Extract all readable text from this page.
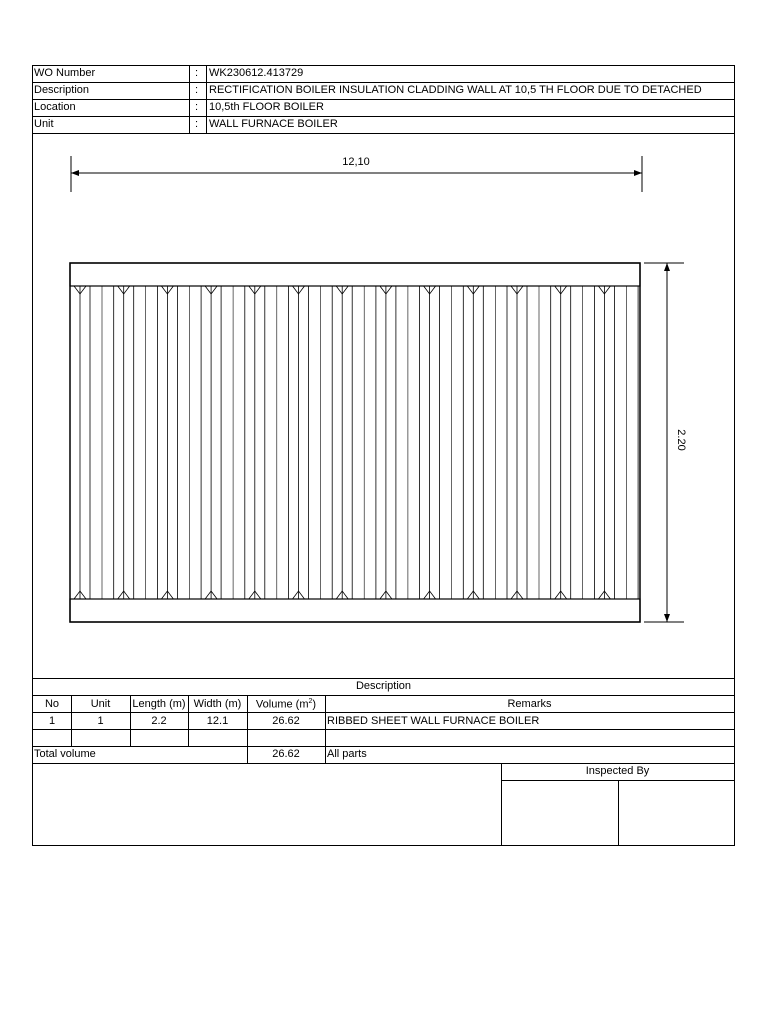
WO Number	: WK230612.413729
Description	: RECTIFICATION BOILER INSULATION CLADDING WALL AT 10,5 TH FLOOR DUE TO DETACHED
Location	: 10,5th FLOOR BOILER
Unit	: WALL FURNACE BOILER
12,10
2.20
Description
No	Unit	Length (m) Width (m)	Volume $(m^2)$	Remarks
1	1	2.2	12.1	26.62	RIBBED SHEET WALL FURNACE BOILER
Total volume	26.62	All parts
Inspected By
